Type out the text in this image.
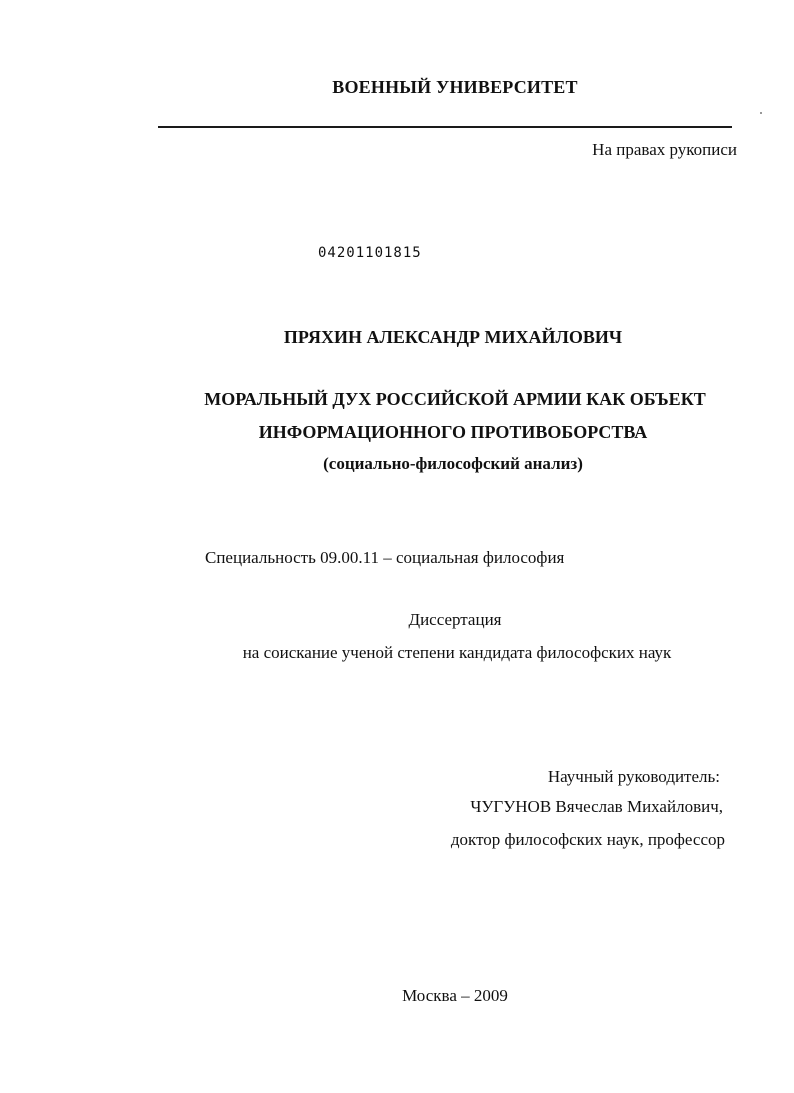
ВОЕННЫЙ УНИВЕРСИТЕТ
На правах рукописи
04201101815
ПРЯХИН АЛЕКСАНДР МИХАЙЛОВИЧ
МОРАЛЬНЫЙ ДУХ РОССИЙСКОЙ АРМИИ КАК ОБЪЕКТ
ИНФОРМАЦИОННОГО ПРОТИВОБОРСТВА
(социально-философский анализ)
Специальность 09.00.11 – социальная философия
Диссертация
на соискание ученой степени кандидата философских наук
Научный руководитель:
ЧУГУНОВ Вячеслав Михайлович,
доктор философских наук, профессор
Москва – 2009
